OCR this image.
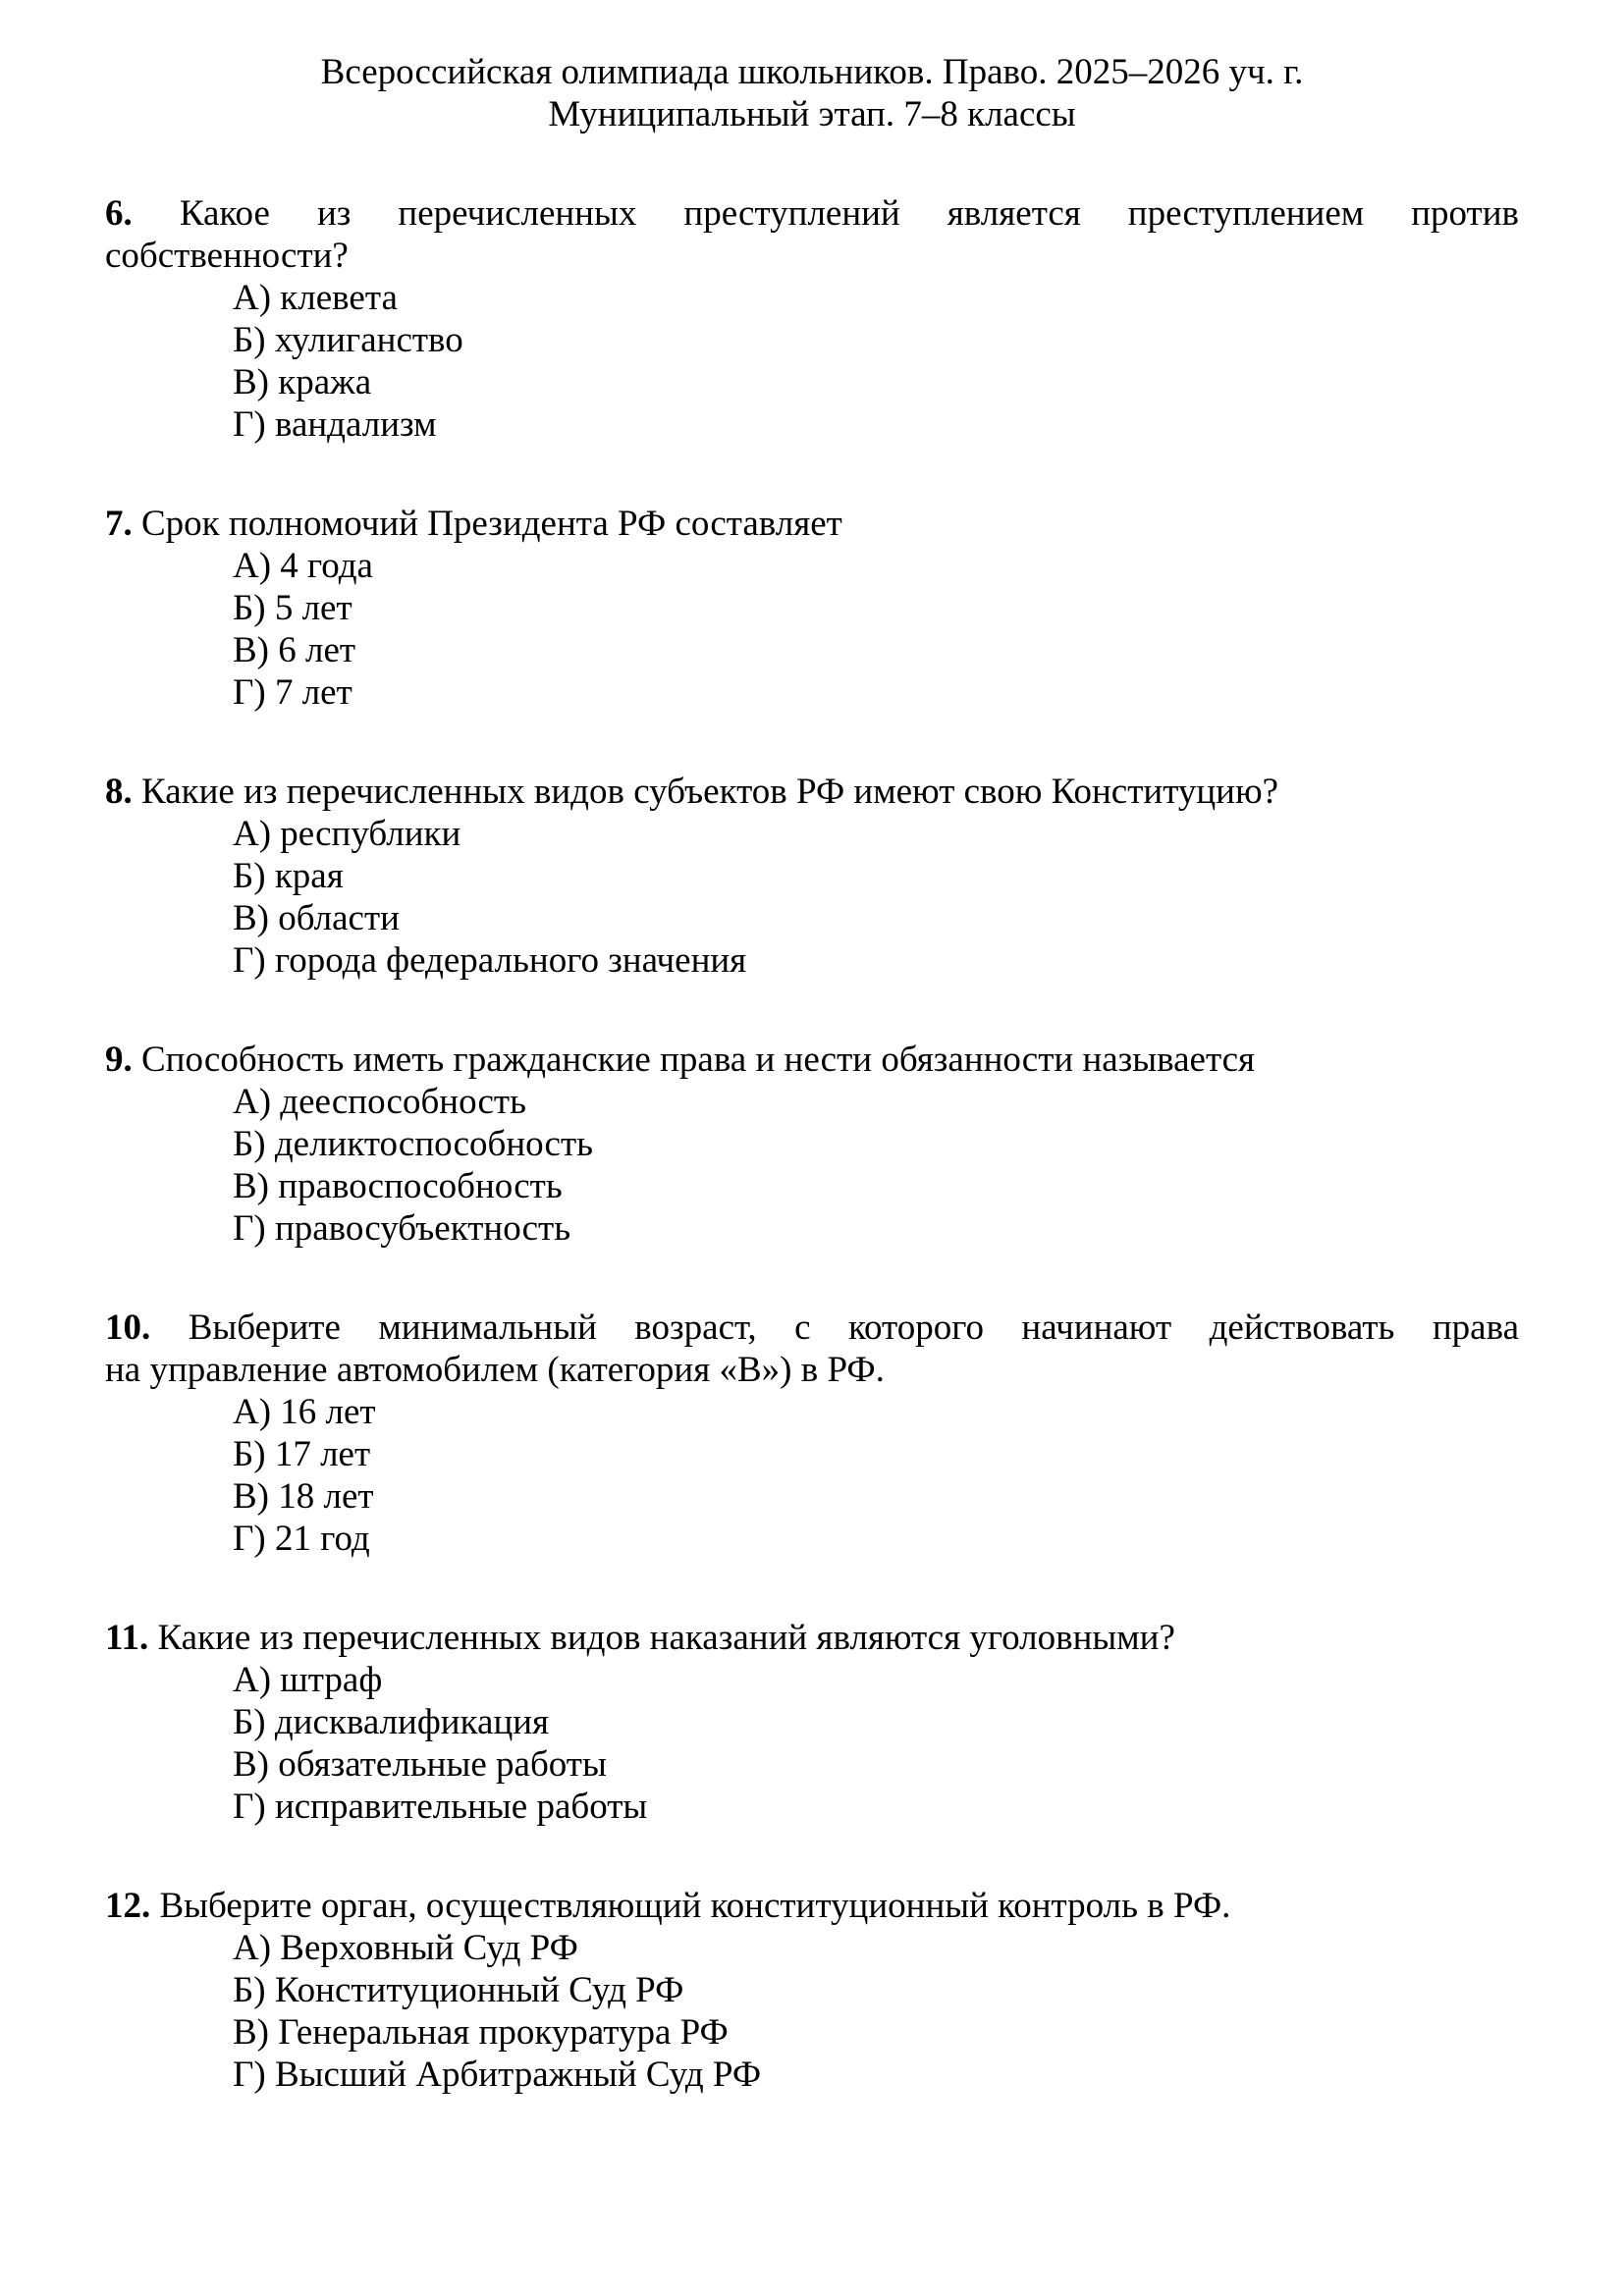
Всероссийская олимпиада школьников. Право. 2025–2026 уч. г.
Муниципальный этап. 7–8 классы

6. Какое из перечисленных преступлений является преступлением против

собственности?

А) клевета
Б) хулиганство
В) кража
Г) вандализм

7. Срок полномочий Президента РФ составляет

А) 4 года
Б) 5 лет
В) 6 лет
Г) 7 лет

8. Какие из перечисленных видов субъектов РФ имеют свою Конституцию?

А) республики
Б) края
В) области
Г) города федерального значения

9. Способность иметь гражданские права и нести обязанности называется

А) дееспособность
Б) деликтоспособность
В) правоспособность
Г) правосубъектность

10. Выберите минимальный возраст, с которого начинают действовать права

на управление автомобилем (категория «В») в РФ.

А) 16 лет
Б) 17 лет
В) 18 лет
Г) 21 год

11. Какие из перечисленных видов наказаний являются уголовными?

А) штраф
Б) дисквалификация
В) обязательные работы
Г) исправительные работы

12. Выберите орган, осуществляющий конституционный контроль в РФ.

А) Верховный Суд РФ
Б) Конституционный Суд РФ
В) Генеральная прокуратура РФ
Г) Высший Арбитражный Суд РФ
